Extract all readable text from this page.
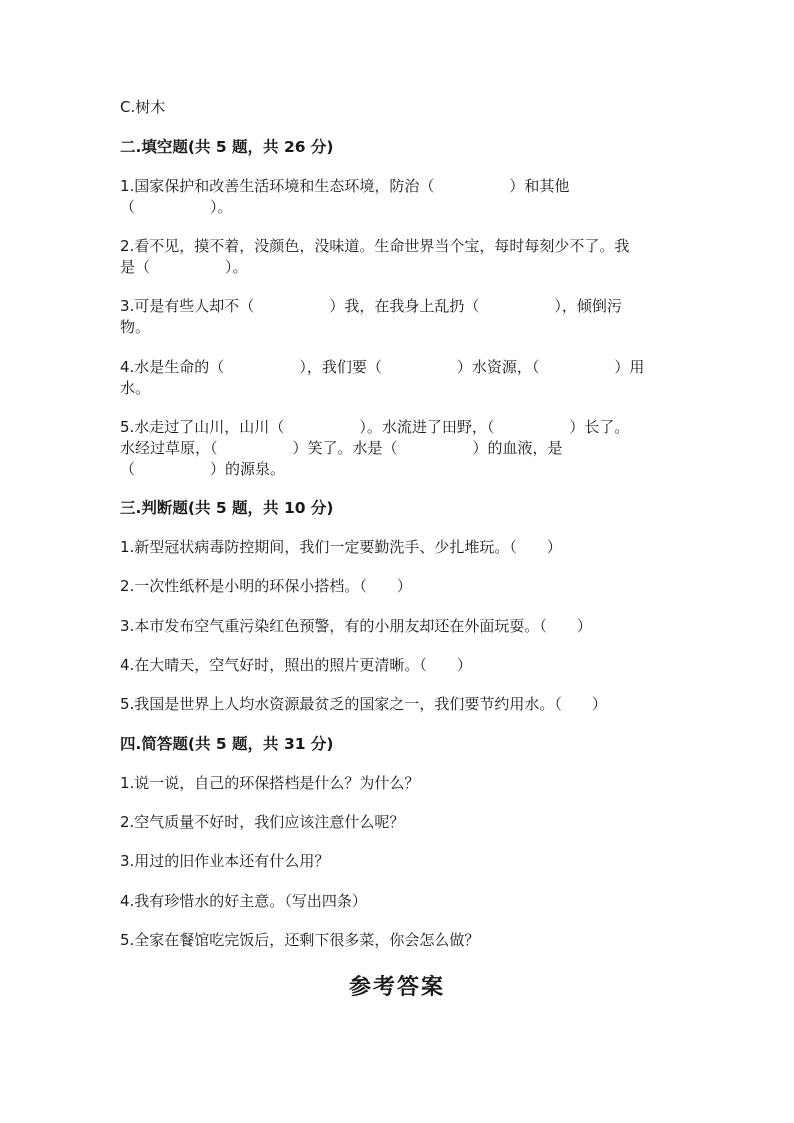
C.树木
二.填空题(共 5 题，共 26 分)
1.国家保护和改善生活环境和生态环境，防治（　　　　　）和其他
（　　　　　）。
2.看不见，摸不着，没颜色，没味道。生命世界当个宝，每时每刻少不了。我
是（　　　　　）。
3.可是有些人却不（　　　　　）我，在我身上乱扔（　　　　　），倾倒污
物。
4.水是生命的（　　　　　），我们要（　　　　　）水资源，（　　　　　）用
水。
5.水走过了山川，山川（　　　　　）。水流进了田野，（　　　　　）长了。
水经过草原，（　　　　　）笑了。水是（　　　　　）的血液，是
（　　　　　）的源泉。
三.判断题(共 5 题，共 10 分)
1.新型冠状病毒防控期间，我们一定要勤洗手、少扎堆玩。（　　）
2.一次性纸杯是小明的环保小搭档。（　　）
3.本市发布空气重污染红色预警，有的小朋友却还在外面玩耍。（　　）
4.在大晴天，空气好时，照出的照片更清晰。（　　）
5.我国是世界上人均水资源最贫乏的国家之一，我们要节约用水。（　　）
四.简答题(共 5 题，共 31 分)
1.说一说，自己的环保搭档是什么？为什么？
2.空气质量不好时，我们应该注意什么呢？
3.用过的旧作业本还有什么用？
4.我有珍惜水的好主意。（写出四条）
5.全家在餐馆吃完饭后，还剩下很多菜，你会怎么做？
参考答案
